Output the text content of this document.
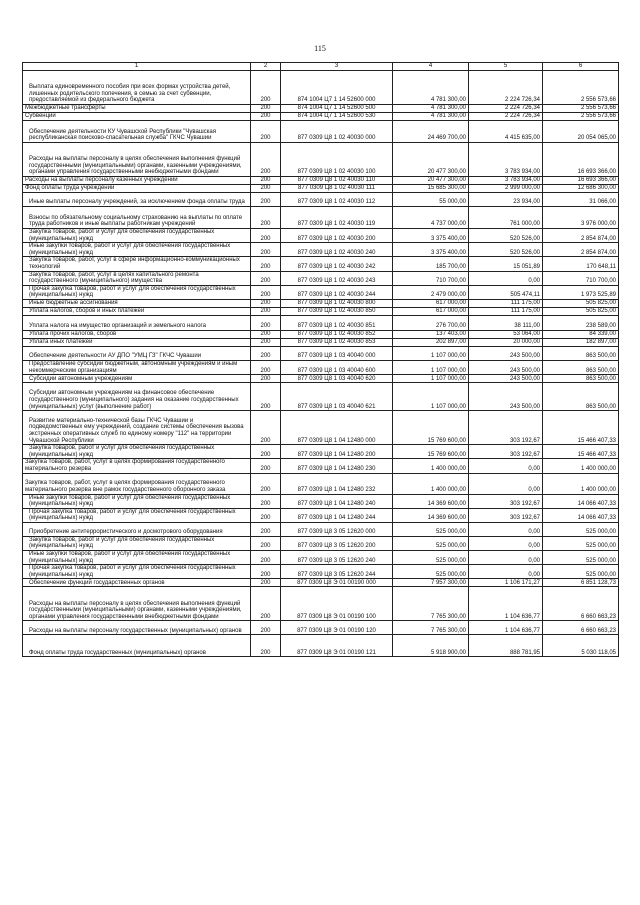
115
1	2	3	4	5	6
Выплата единовременного пособия при всех формах устройства детей, лишенных родительского попечения, в семью за счет субвенции, предоставляемой из федерального бюджета	200	874 1004 Ц7 1 14 52600 000	4 781 300,00	2 224 726,34	2 556 573,66
Межбюджетные трансферты	200	874 1004 Ц7 1 14 52600 500	4 781 300,00	2 224 726,34	2 556 573,66
Субвенции	200	874 1004 Ц7 1 14 52600 530	4 781 300,00	2 224 726,34	2 556 573,66
Обеспечение деятельности КУ Чувашской Республики "Чувашская республиканская поисково-спасательная служба" ГКЧС Чувашии	200	877 0309 Ц8 1 02 40030 000	24 469 700,00	4 415 635,00	20 054 065,00
Расходы на выплаты персоналу в целях обеспечения выполнения функций государственными (муниципальными) органами, казенными учреждениями, органами управления государственными внебюджетными фондами	200	877 0309 Ц8 1 02 40030 100	20 477 300,00	3 783 934,00	16 693 366,00
Расходы на выплаты персоналу казенных учреждений	200	877 0309 Ц8 1 02 40030 110	20 477 300,00	3 783 934,00	16 693 366,00
Фонд оплаты труда учреждений	200	877 0309 Ц8 1 02 40030 111	15 685 300,00	2 999 000,00	12 686 300,00
Иные выплаты персоналу учреждений, за исключением фонда оплаты труда	200	877 0309 Ц8 1 02 40030 112	55 000,00	23 934,00	31 066,00
Взносы по обязательному социальному страхованию на выплаты по оплате труда работников и иные выплаты работникам учреждений	200	877 0309 Ц8 1 02 40030 119	4 737 000,00	761 000,00	3 976 000,00
Закупка товаров, работ и услуг для обеспечения государственных (муниципальных) нужд	200	877 0309 Ц8 1 02 40030 200	3 375 400,00	520 526,00	2 854 874,00
Иные закупки товаров, работ и услуг для обеспечения государственных (муниципальных) нужд	200	877 0309 Ц8 1 02 40030 240	3 375 400,00	520 526,00	2 854 874,00
Закупка товаров, работ, услуг в сфере информационно-коммуникационных технологий	200	877 0309 Ц8 1 02 40030 242	185 700,00	15 051,89	170 648,11
Закупка товаров, работ, услуг в целях капитального ремонта государственного (муниципального) имущества	200	877 0309 Ц8 1 02 40030 243	710 700,00	0,00	710 700,00
Прочая закупка товаров, работ и услуг для обеспечения государственных (муниципальных) нужд	200	877 0309 Ц8 1 02 40030 244	2 479 000,00	505 474,11	1 973 525,89
Иные бюджетные ассигнования	200	877 0309 Ц8 1 02 40030 800	617 000,00	111 175,00	505 825,00
Уплата налогов, сборов и иных платежей	200	877 0309 Ц8 1 02 40030 850	617 000,00	111 175,00	505 825,00
Уплата налога на имущество организаций и земельного налога	200	877 0309 Ц8 1 02 40030 851	276 700,00	38 111,00	238 589,00
Уплата прочих налогов, сборов	200	877 0309 Ц8 1 02 40030 852	137 403,00	53 064,00	84 339,00
Уплата иных платежей	200	877 0309 Ц8 1 02 40030 853	202 897,00	20 000,00	182 897,00
Обеспечение деятельности АУ ДПО "УМЦ ГЗ" ГКЧС Чувашии	200	877 0309 Ц8 1 03 40040 000	1 107 000,00	243 500,00	863 500,00
Предоставление субсидий бюджетным, автономным учреждениям и иным некоммерческим организациям	200	877 0309 Ц8 1 03 40040 600	1 107 000,00	243 500,00	863 500,00
Субсидии автономным учреждениям	200	877 0309 Ц8 1 03 40040 620	1 107 000,00	243 500,00	863 500,00
Субсидии автономным учреждениям на финансовое обеспечение государственного (муниципального) задания на оказание государственных (муниципальных) услуг (выполнение работ)	200	877 0309 Ц8 1 03 40040 621	1 107 000,00	243 500,00	863 500,00
Развитие материально-технической базы ГКЧС Чувашии и подведомственных ему учреждений, создание системы обеспечения вызова экстренных оперативных служб по единому номеру "112" на территории Чувашской Республики	200	877 0309 Ц8 1 04 12480 000	15 769 600,00	303 192,67	15 466 407,33
Закупка товаров, работ и услуг для обеспечения государственных (муниципальных) нужд	200	877 0309 Ц8 1 04 12480 200	15 769 600,00	303 192,67	15 466 407,33
Закупка товаров, работ, услуг в целях формирования государственного материального резерва	200	877 0309 Ц8 1 04 12480 230	1 400 000,00	0,00	1 400 000,00
Закупка товаров, работ, услуг в целях формирования государственного материального резерва вне рамок государственного оборонного заказа	200	877 0309 Ц8 1 04 12480 232	1 400 000,00	0,00	1 400 000,00
Иные закупки товаров, работ и услуг для обеспечения государственных (муниципальных) нужд	200	877 0309 Ц8 1 04 12480 240	14 369 600,00	303 192,67	14 066 407,33
Прочая закупка товаров, работ и услуг для обеспечения государственных (муниципальных) нужд	200	877 0309 Ц8 1 04 12480 244	14 369 600,00	303 192,67	14 066 407,33
Приобретение антитеррористического и досмотрового оборудования	200	877 0309 Ц8 3 05 12620 000	525 000,00	0,00	525 000,00
Закупка товаров, работ и услуг для обеспечения государственных (муниципальных) нужд	200	877 0309 Ц8 3 05 12620 200	525 000,00	0,00	525 000,00
Иные закупки товаров, работ и услуг для обеспечения государственных (муниципальных) нужд	200	877 0309 Ц8 3 05 12620 240	525 000,00	0,00	525 000,00
Прочая закупка товаров, работ и услуг для обеспечения государственных (муниципальных) нужд	200	877 0309 Ц8 3 05 12620 244	525 000,00	0,00	525 000,00
Обеспечение функций государственных органов	200	877 0309 Ц8 Э 01 00190 000	7 957 300,00	1 106 171,27	6 851 128,73
Расходы на выплаты персоналу в целях обеспечения выполнения функций государственными (муниципальными) органами, казенными учреждениями, органами управления государственными внебюджетными фондами	200	877 0309 Ц8 Э 01 00190 100	7 765 300,00	1 104 636,77	6 660 663,23
Расходы на выплаты персоналу государственных (муниципальных) органов	200	877 0309 Ц8 Э 01 00190 120	7 765 300,00	1 104 636,77	6 660 663,23
Фонд оплаты труда государственных (муниципальных) органов	200	877 0309 Ц8 Э 01 00190 121	5 918 900,00	888 781,95	5 030 118,05
